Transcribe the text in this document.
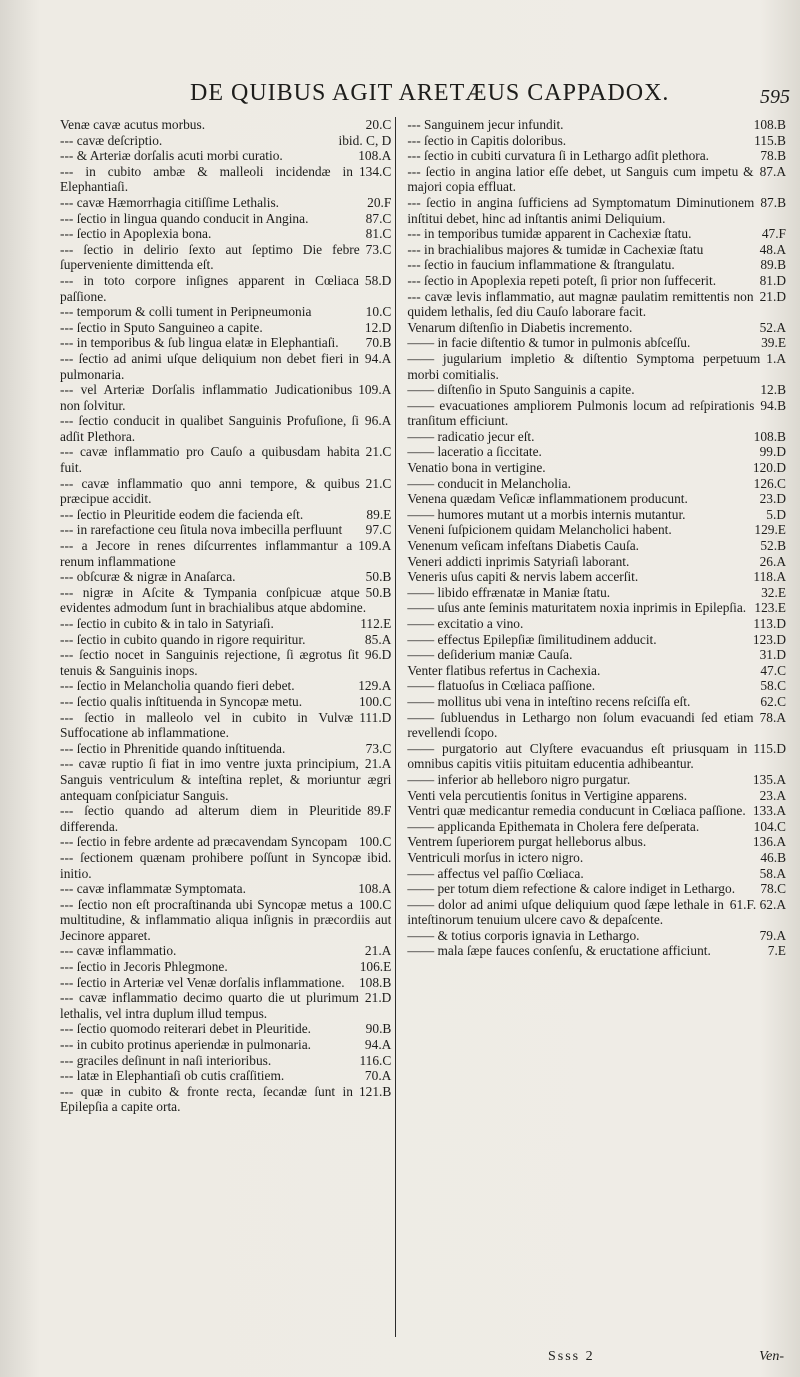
DE QUIBUS AGIT ARETÆUS CAPPADOX.	595
20.C

Venæ cavæ acutus morbus.

ibid. C, D

--- cavæ deſcriptio.

108.A

--- & Arteriæ dorſalis acuti morbi curatio.

134.C

--- in cubito ambæ & malleoli incidendæ in Elephantiaſi.

20.F

--- cavæ Hæmorrhagia citiſſime Lethalis.

87.C

--- ſectio in lingua quando conducit in Angina.

81.C

--- ſectio in Apoplexia bona.

73.C

--- ſectio in delirio ſexto aut ſeptimo Die febre ſuperveniente dimittenda eſt.

58.D

--- in toto corpore inſignes apparent in Cœliaca paſſione.

10.C

--- temporum & colli tument in Peripneumonia

12.D

--- ſectio in Sputo Sanguineo a capite.

70.B

--- in temporibus & ſub lingua elatæ in Elephantiaſi.

94.A

--- ſectio ad animi uſque deliquium non debet fieri in pulmonaria.

109.A

--- vel Arteriæ Dorſalis inflammatio Judicationibus non ſolvitur.

96.A

--- ſectio conducit in qualibet Sanguinis Profuſione, ſi adſit Plethora.

21.C

--- cavæ inflammatio pro Cauſo a quibusdam habita fuit.

21.C

--- cavæ inflammatio quo anni tempore, & quibus præcipue accidit.

89.E

--- ſectio in Pleuritide eodem die facienda eſt.

97.C

--- in rarefactione ceu ſitula nova imbecilla perfluunt

109.A

--- a Jecore in renes diſcurrentes inflammantur a renum inflammatione

50.B

--- obſcuræ & nigræ in Anaſarca.

50.B

--- nigræ in Aſcite & Tympania conſpicuæ atque evidentes admodum ſunt in brachialibus atque abdomine.

112.E

--- ſectio in cubito & in talo in Satyriaſi.

85.A

--- ſectio in cubito quando in rigore requiritur.

96.D

--- ſectio nocet in Sanguinis rejectione, ſi ægrotus ſit tenuis & Sanguinis inops.

129.A

--- ſectio in Melancholia quando fieri debet.

100.C

--- ſectio qualis inſtituenda in Syncopæ metu.

111.D

--- ſectio in malleolo vel in cubito in Vulvæ Suffocatione ab inflammatione.

73.C

--- ſectio in Phrenitide quando inſtituenda.

21.A

--- cavæ ruptio ſi fiat in imo ventre juxta principium, Sanguis ventriculum & inteſtina replet, & moriuntur ægri antequam conſpiciatur Sanguis.

89.F

--- ſectio quando ad alterum diem in Pleuritide differenda.

100.C

--- ſectio in febre ardente ad præcavendam Syncopam

ibid.

--- ſectionem quænam prohibere poſſunt in Syncopæ initio.

108.A

--- cavæ inflammatæ Symptomata.

100.C

--- ſectio non eſt procraſtinanda ubi Syncopæ metus a multitudine, & inflammatio aliqua inſignis in præcordiis aut Jecinore apparet.

21.A

--- cavæ inflammatio.

106.E

--- ſectio in Jecoris Phlegmone.

108.B

--- ſectio in Arteriæ vel Venæ dorſalis inflammatione.

21.D

--- cavæ inflammatio decimo quarto die ut plurimum lethalis, vel intra duplum illud tempus.

90.B

--- ſectio quomodo reiterari debet in Pleuritide.

94.A

--- in cubito protinus aperiendæ in pulmonaria.

116.C

--- graciles deſinunt in naſi interioribus.

70.A

--- latæ in Elephantiaſi ob cutis craſſitiem.

121.B

--- quæ in cubito & fronte recta, ſecandæ ſunt in Epilepſia a capite orta.

108.B

--- Sanguinem jecur infundit.

115.B

--- ſectio in Capitis doloribus.

78.B

--- ſectio in cubiti curvatura ſi in Lethargo adſit plethora.

87.A

--- ſectio in angina latior eſſe debet, ut Sanguis cum impetu & majori copia effluat.

87.B

--- ſectio in angina ſufficiens ad Symptomatum Diminutionem inſtitui debet, hinc ad inſtantis animi Deliquium.

47.F

--- in temporibus tumidæ apparent in Cachexiæ ſtatu.

48.A

--- in brachialibus majores & tumidæ in Cachexiæ ſtatu

89.B

--- ſectio in faucium inflammatione & ſtrangulatu.

81.D

--- ſectio in Apoplexia repeti poteſt, ſi prior non ſuffecerit.

21.D

--- cavæ levis inflammatio, aut magnæ paulatim remittentis non quidem lethalis, ſed diu Cauſo laborare facit.

52.A

Venarum diſtenſio in Diabetis incremento.

39.E

—— in facie diſtentio & tumor in pulmonis abſceſſu.

1.A

—— jugularium impletio & diſtentio Symptoma perpetuum morbi comitialis.

12.B

—— diſtenſio in Sputo Sanguinis a capite.

94.B

—— evacuationes ampliorem Pulmonis locum ad reſpirationis tranſitum efficiunt.

108.B

—— radicatio jecur eſt.

99.D

—— laceratio a ſiccitate.

120.D

Venatio bona in vertigine.

126.C

—— conducit in Melancholia.

23.D

Venena quædam Veſicæ inflammationem producunt.

5.D

—— humores mutant ut a morbis internis mutantur.

129.E

Veneni ſuſpicionem quidam Melancholici habent.

52.B

Venenum veſicam infeſtans Diabetis Cauſa.

26.A

Veneri addicti inprimis Satyriaſi laborant.

118.A

Veneris uſus capiti & nervis labem accerſit.

32.E

—— libido effrænatæ in Maniæ ſtatu.

123.E

—— uſus ante ſeminis maturitatem noxia inprimis in Epilepſia.

113.D

—— excitatio a vino.

123.D

—— effectus Epilepſiæ ſimilitudinem adducit.

31.D

—— deſiderium maniæ Cauſa.

47.C

Venter flatibus refertus in Cachexia.

58.C

—— flatuoſus in Cœliaca paſſione.

62.C

—— mollitus ubi vena in inteſtino recens reſciſſa eſt.

78.A

—— ſubluendus in Lethargo non ſolum evacuandi ſed etiam revellendi ſcopo.

115.D

—— purgatorio aut Clyſtere evacuandus eſt priusquam in omnibus capitis vitiis pituitam educentia adhibeantur.

135.A

—— inferior ab helleboro nigro purgatur.

23.A

Venti vela percutientis ſonitus in Vertigine apparens.

133.A

Ventri quæ medicantur remedia conducunt in Cœliaca paſſione.

104.C

—— applicanda Epithemata in Cholera fere deſperata.

136.A

Ventrem ſuperiorem purgat helleborus albus.

46.B

Ventriculi morſus in ictero nigro.

58.A

—— affectus vel paſſio Cœliaca.

78.C

—— per totum diem refectione & calore indiget in Lethargo.

61.F. 62.A

—— dolor ad animi uſque deliquium quod ſæpe lethale in inteſtinorum tenuium ulcere cavo & depaſcente.

79.A

—— & totius corporis ignavia in Lethargo.

7.E

—— mala ſæpe fauces conſenſu, & eructatione afficiunt.

Ssss 2	Ven-
